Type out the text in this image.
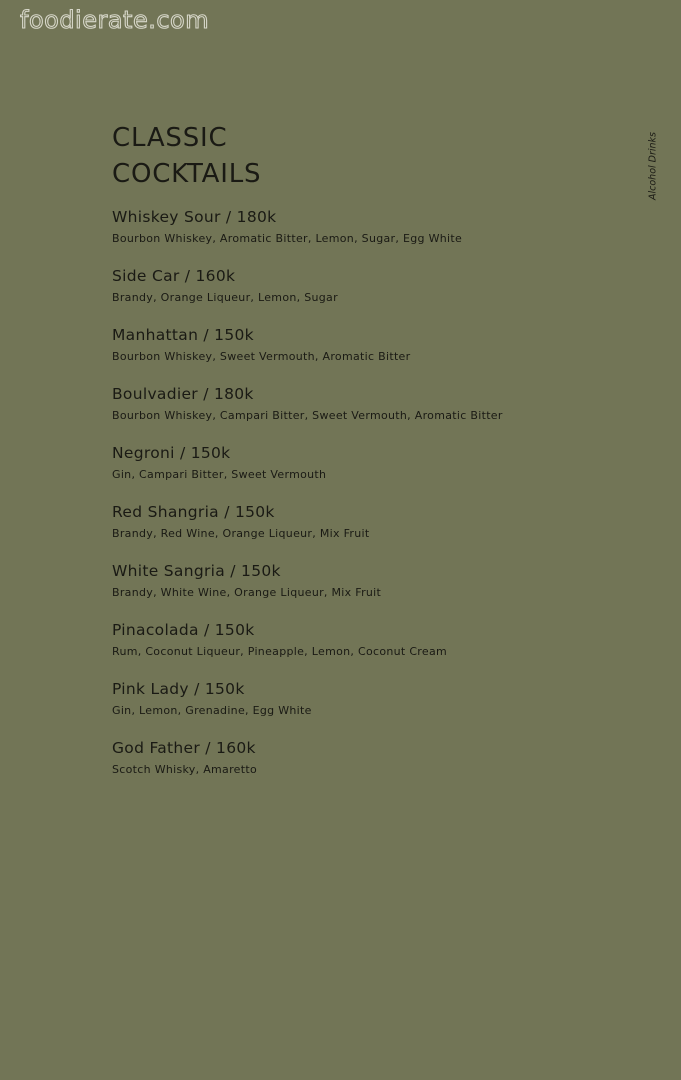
foodierate.com
Alcohol Drinks
CLASSIC
COCKTAILS
Whiskey Sour / 180k
Bourbon Whiskey, Aromatic Bitter, Lemon, Sugar, Egg White
Side Car / 160k
Brandy, Orange Liqueur, Lemon, Sugar
Manhattan / 150k
Bourbon Whiskey, Sweet Vermouth, Aromatic Bitter
Boulvadier / 180k
Bourbon Whiskey, Campari Bitter, Sweet Vermouth, Aromatic Bitter
Negroni / 150k
Gin, Campari Bitter, Sweet Vermouth
Red Shangria / 150k
Brandy, Red Wine, Orange Liqueur, Mix Fruit
White Sangria / 150k
Brandy, White Wine, Orange Liqueur, Mix Fruit
Pinacolada / 150k
Rum, Coconut Liqueur, Pineapple, Lemon, Coconut Cream
Pink Lady / 150k
Gin, Lemon, Grenadine, Egg White
God Father / 160k
Scotch Whisky, Amaretto
